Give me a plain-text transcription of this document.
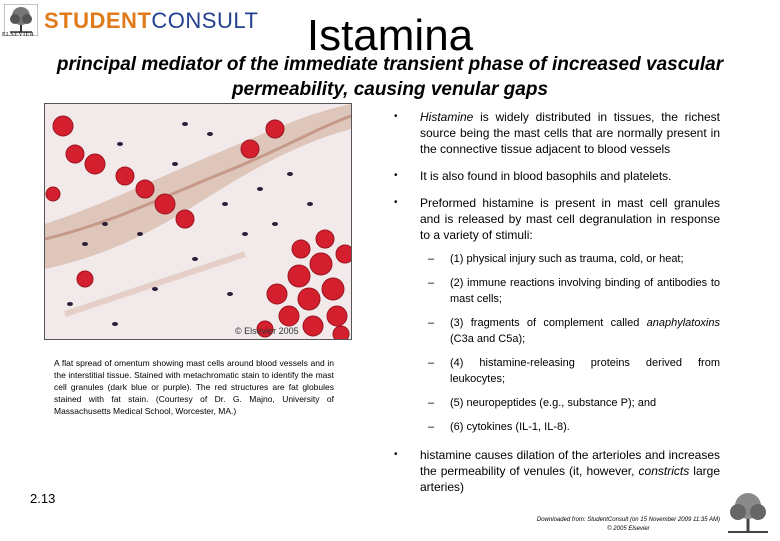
ELSEVIER
STUDENTCONSULT	Istamina
principal mediator of the immediate transient phase of increased vascular permeability, causing venular gaps
© Elsevier 2005
A flat spread of omentum showing mast cells around blood vessels and in the interstitial tissue. Stained with metachromatic stain to identify the mast cell granules (dark blue or purple). The red structures are fat globules stained with fat stain. (Courtesy of Dr. G. Majno, University of Massachusetts Medical School, Worcester, MA.)
2.13
• Histamine is widely distributed in tissues, the richest source being the mast cells that are normally present in the connective tissue adjacent to blood vessels
• It is also found in blood basophils and platelets.
• Preformed histamine is present in mast cell granules and is released by mast cell degranulation in response to a variety of stimuli:
– (1) physical injury such as trauma, cold, or heat;
– (2) immune reactions involving binding of antibodies to mast cells;
– (3) fragments of complement called anaphylatoxins (C3a and C5a);
– (4) histamine-releasing proteins derived from leukocytes;
– (5) neuropeptides (e.g., substance P); and
– (6) cytokines (IL-1, IL-8).
• histamine causes dilation of the arterioles and increases the permeability of venules (it, however, constricts large arteries)
Downloaded from: StudentConsult (on 15 November 2009 11:35 AM)
© 2005 Elsevier
